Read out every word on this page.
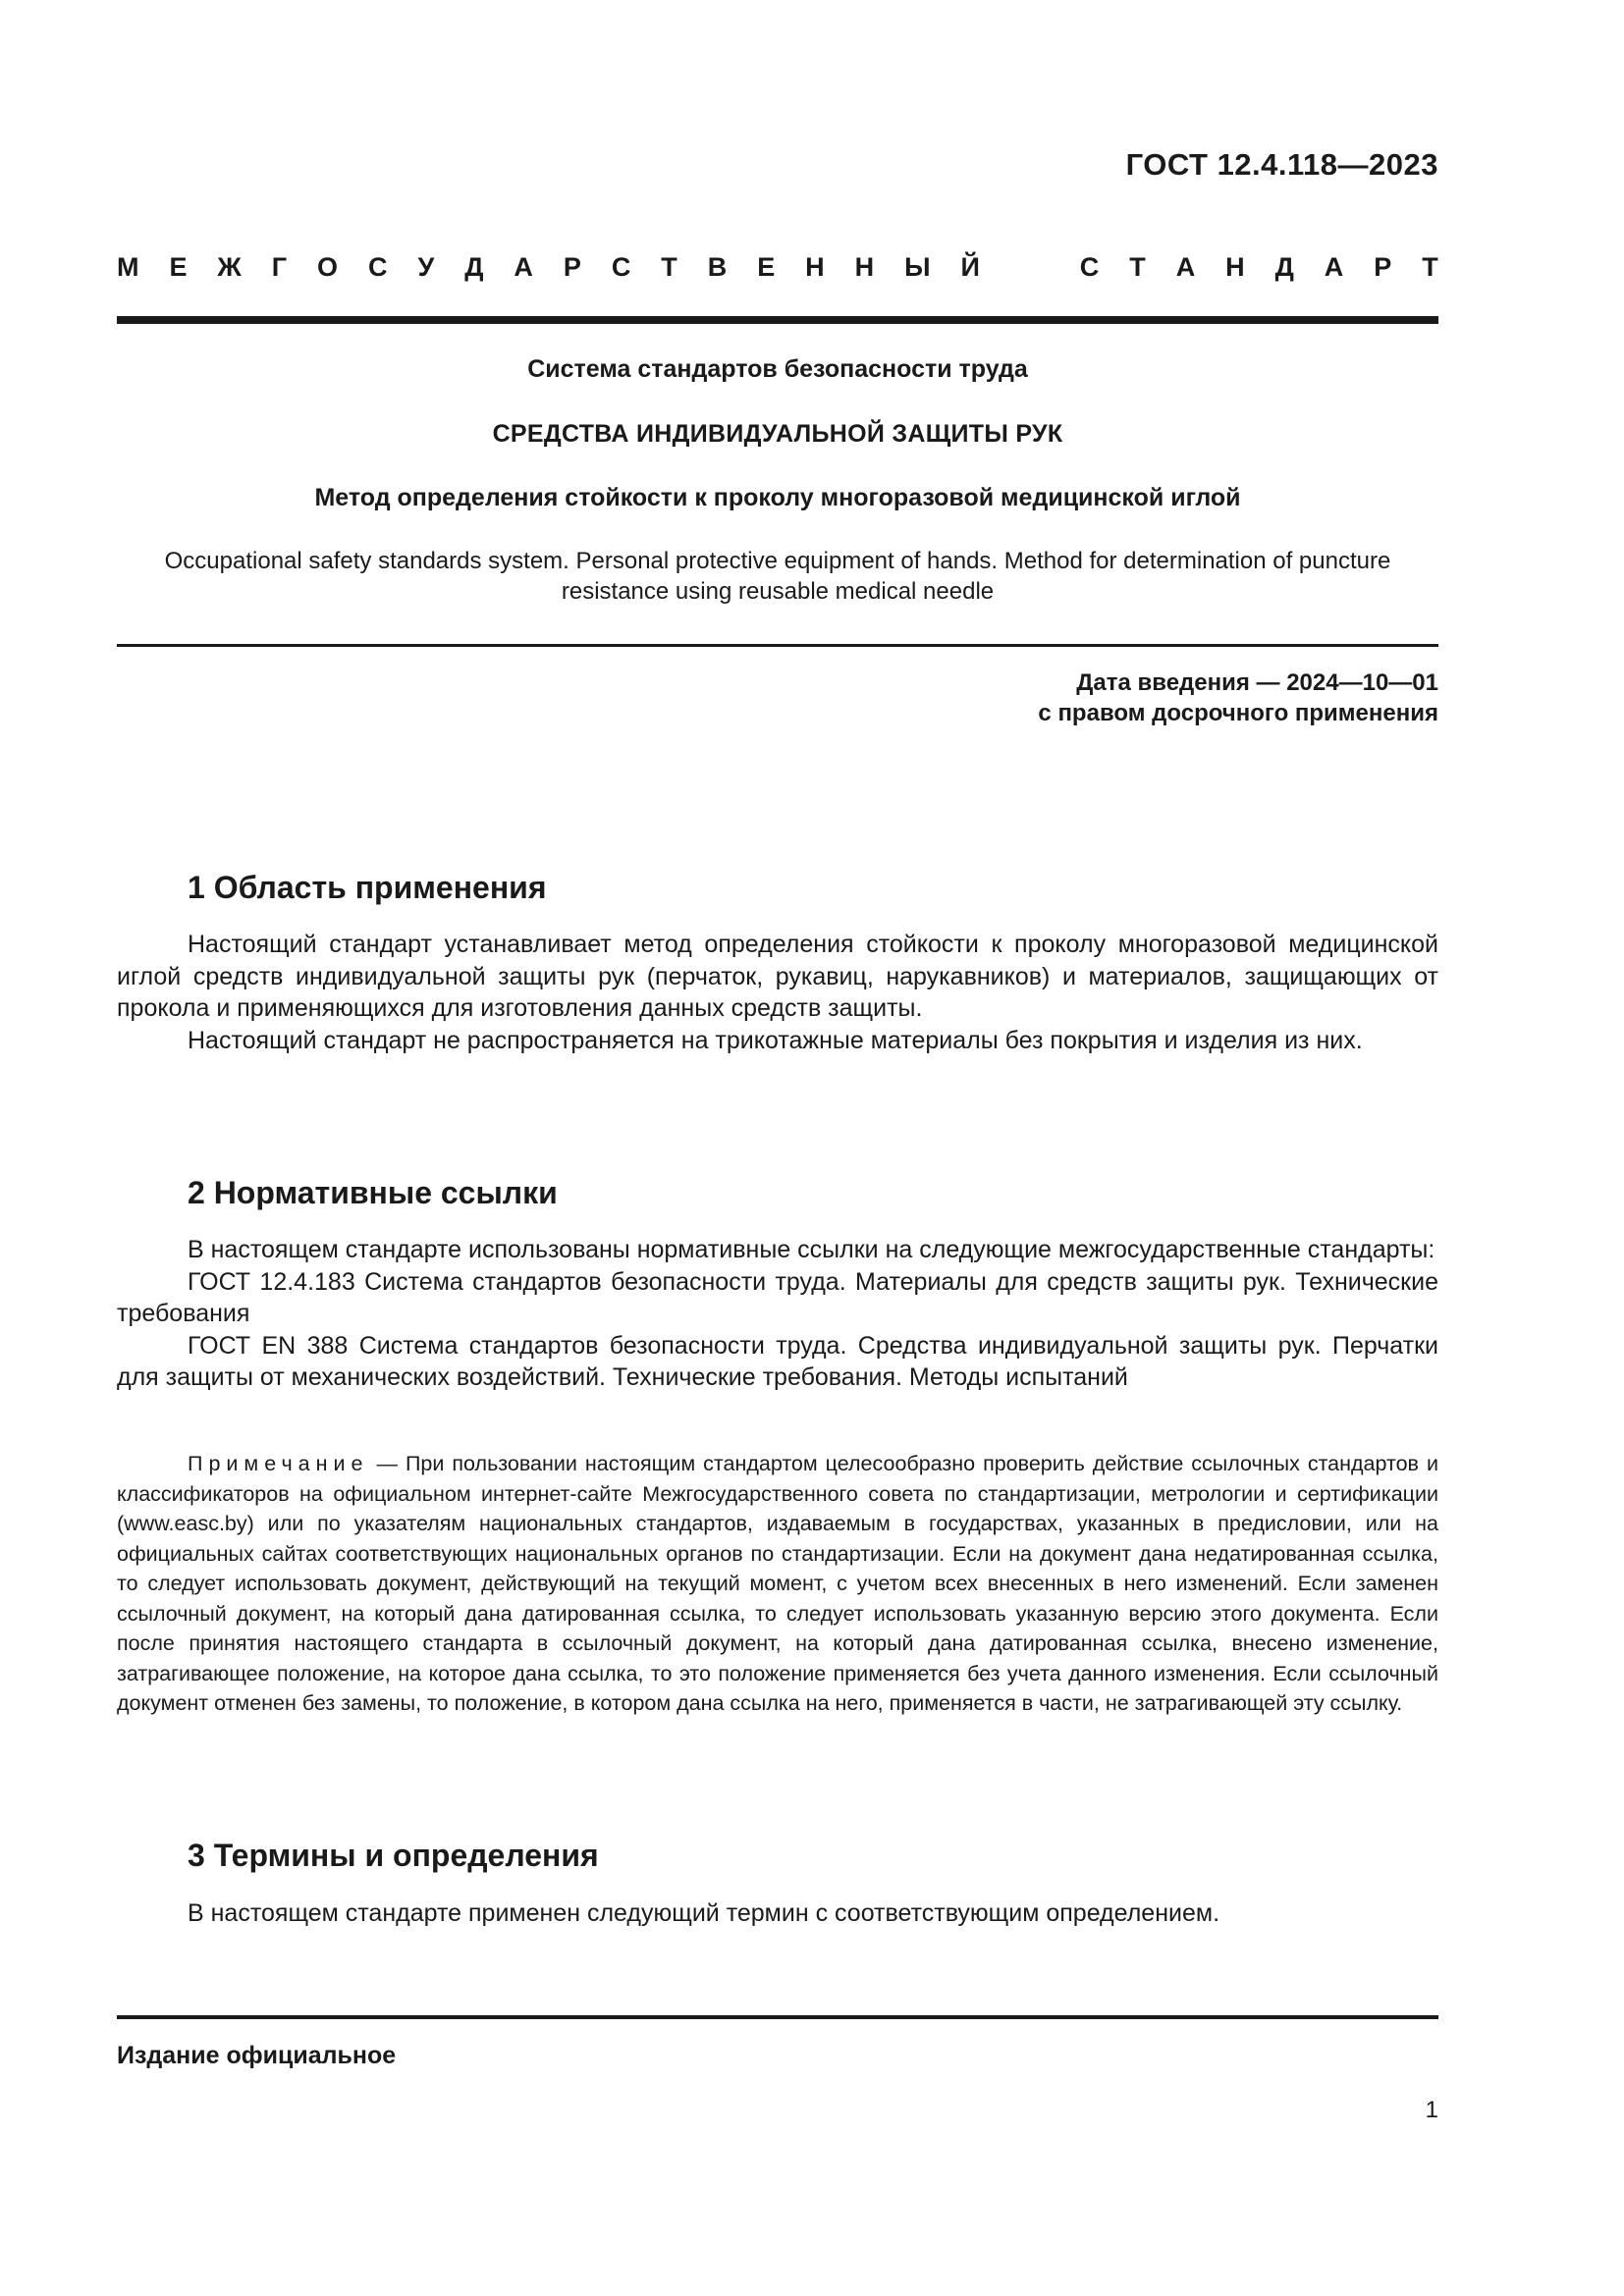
ГОСТ 12.4.118—2023
М Е Ж Г О С У Д А Р С Т В Е Н Н Ы Й	С Т А Н Д А Р Т
Система стандартов безопасности труда
СРЕДСТВА ИНДИВИДУАЛЬНОЙ ЗАЩИТЫ РУК
Метод определения стойкости к проколу многоразовой медицинской иглой
Occupational safety standards system. Personal protective equipment of hands. Method for determination of puncture resistance using reusable medical needle
Дата введения — 2024—10—01
с правом досрочного применения
1 Область применения

Настоящий стандарт устанавливает метод определения стойкости к проколу многоразовой медицинской иглой средств индивидуальной защиты рук (перчаток, рукавиц, нарукавников) и материалов, защищающих от прокола и применяющихся для изготовления данных средств защиты.

Настоящий стандарт не распространяется на трикотажные материалы без покрытия и изделия из них.

2 Нормативные ссылки

В настоящем стандарте использованы нормативные ссылки на следующие межгосударственные стандарты:

ГОСТ 12.4.183 Система стандартов безопасности труда. Материалы для средств защиты рук. Технические требования

ГОСТ EN 388 Система стандартов безопасности труда. Средства индивидуальной защиты рук. Перчатки для защиты от механических воздействий. Технические требования. Методы испытаний

Примечание — При пользовании настоящим стандартом целесообразно проверить действие ссылочных стандартов и классификаторов на официальном интернет-сайте Межгосударственного совета по стандартизации, метрологии и сертификации (www.easc.by) или по указателям национальных стандартов, издаваемым в государствах, указанных в предисловии, или на официальных сайтах соответствующих национальных органов по стандартизации. Если на документ дана недатированная ссылка, то следует использовать документ, действующий на текущий момент, с учетом всех внесенных в него изменений. Если заменен ссылочный документ, на который дана датированная ссылка, то следует использовать указанную версию этого документа. Если после принятия настоящего стандарта в ссылочный документ, на который дана датированная ссылка, внесено изменение, затрагивающее положение, на которое дана ссылка, то это положение применяется без учета данного изменения. Если ссылочный документ отменен без замены, то положение, в котором дана ссылка на него, применяется в части, не затрагивающей эту ссылку.

3 Термины и определения

В настоящем стандарте применен следующий термин с соответствующим определением.

Издание официальное
1
